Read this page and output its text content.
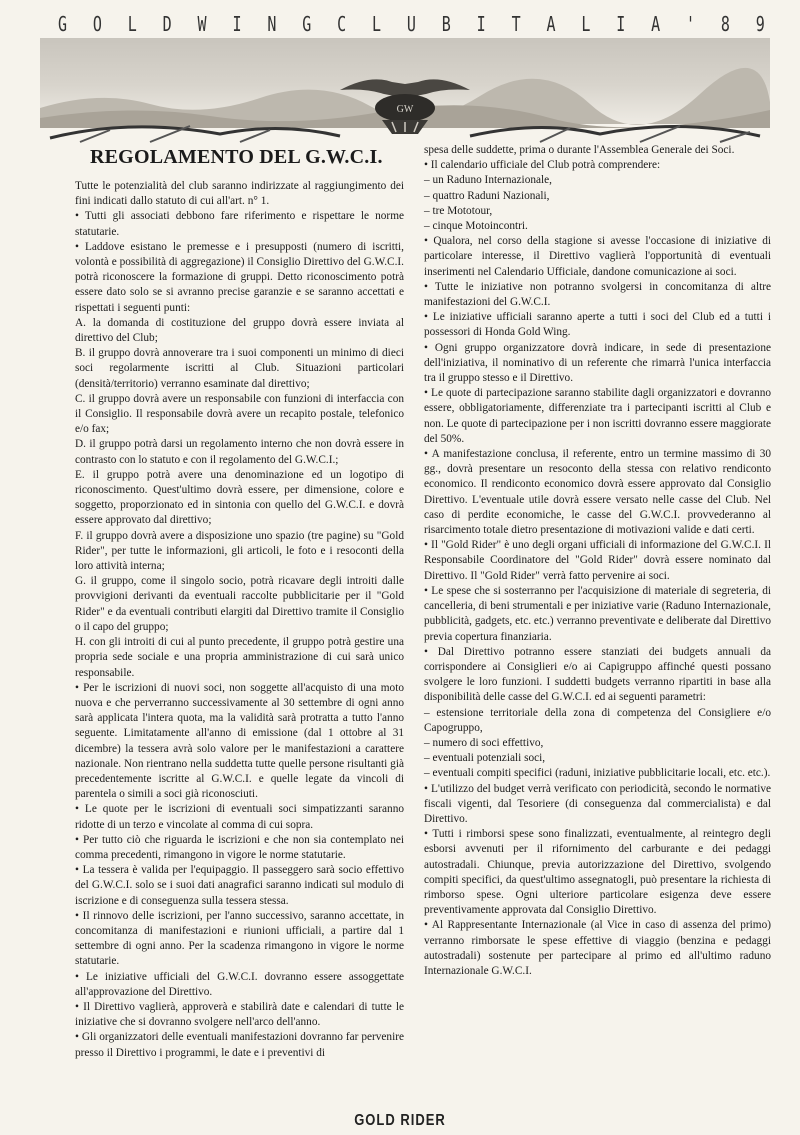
G O L D W I N G C L U B I T A L I A ' 8 9
GW
REGOLAMENTO DEL G.W.C.I.

Tutte le potenzialità del club saranno indirizzate al raggiungimento dei fini indicati dallo statuto di cui all'art. n° 1.

• Tutti gli associati debbono fare riferimento e rispettare le norme statutarie.

• Laddove esistano le premesse e i presupposti (numero di iscritti, volontà e possibilità di aggregazione) il Consiglio Direttivo del G.W.C.I. potrà riconoscere la formazione di gruppi. Detto riconoscimento potrà essere dato solo se si avranno precise garanzie e se saranno accettati e rispettati i seguenti punti:

A. la domanda di costituzione del gruppo dovrà essere inviata al direttivo del Club;

B. il gruppo dovrà annoverare tra i suoi componenti un minimo di dieci soci regolarmente iscritti al Club. Situazioni particolari (densità/territorio) verranno esaminate dal direttivo;

C. il gruppo dovrà avere un responsabile con funzioni di interfaccia con il Consiglio. Il responsabile dovrà avere un recapito postale, telefonico e/o fax;

D. il gruppo potrà darsi un regolamento interno che non dovrà essere in contrasto con lo statuto e con il regolamento del G.W.C.I.;

E. il gruppo potrà avere una denominazione ed un logotipo di riconoscimento. Quest'ultimo dovrà essere, per dimensione, colore e soggetto, proporzionato ed in sintonia con quello del G.W.C.I. e dovrà essere approvato dal direttivo;

F. il gruppo dovrà avere a disposizione uno spazio (tre pagine) su "Gold Rider", per tutte le informazioni, gli articoli, le foto e i resoconti della loro attività interna;

G. il gruppo, come il singolo socio, potrà ricavare degli introiti dalle provvigioni derivanti da eventuali raccolte pubblicitarie per il "Gold Rider" e da eventuali contributi elargiti dal Direttivo tramite il Consiglio o il capo del gruppo;

H. con gli introiti di cui al punto precedente, il gruppo potrà gestire una propria sede sociale e una propria amministrazione di cui sarà unico responsabile.

• Per le iscrizioni di nuovi soci, non soggette all'acquisto di una moto nuova e che perverranno successivamente al 30 settembre di ogni anno sarà applicata l'intera quota, ma la validità sarà protratta a tutto l'anno seguente. Limitatamente all'anno di emissione (dal 1 ottobre al 31 dicembre) la tessera avrà solo valore per le manifestazioni a carattere nazionale. Non rientrano nella suddetta tutte quelle persone risultanti già precedentemente iscritte al G.W.C.I. e quelle legate da vincoli di parentela o simili a soci già riconosciuti.

• Le quote per le iscrizioni di eventuali soci simpatizzanti saranno ridotte di un terzo e vincolate al comma di cui sopra.

• Per tutto ciò che riguarda le iscrizioni e che non sia contemplato nei comma precedenti, rimangono in vigore le norme statutarie.

• La tessera è valida per l'equipaggio. Il passeggero sarà socio effettivo del G.W.C.I. solo se i suoi dati anagrafici saranno indicati sul modulo di iscrizione e di conseguenza sulla tessera stessa.

• Il rinnovo delle iscrizioni, per l'anno successivo, saranno accettate, in concomitanza di manifestazioni e riunioni ufficiali, a partire dal 1 settembre di ogni anno. Per la scadenza rimangono in vigore le norme statutarie.

• Le iniziative ufficiali del G.W.C.I. dovranno essere assoggettate all'approvazione del Direttivo.

• Il Direttivo vaglierà, approverà e stabilirà date e calendari di tutte le iniziative che si dovranno svolgere nell'arco dell'anno.

• Gli organizzatori delle eventuali manifestazioni dovranno far pervenire presso il Direttivo i programmi, le date e i preventivi di

spesa delle suddette, prima o durante l'Assemblea Generale dei Soci.

• Il calendario ufficiale del Club potrà comprendere:

– un Raduno Internazionale,

– quattro Raduni Nazionali,

– tre Mototour,

– cinque Motoincontri.

• Qualora, nel corso della stagione si avesse l'occasione di iniziative di particolare interesse, il Direttivo vaglierà l'opportunità di eventuali inserimenti nel Calendario Ufficiale, dandone comunicazione ai soci.

• Tutte le iniziative non potranno svolgersi in concomitanza di altre manifestazioni del G.W.C.I.

• Le iniziative ufficiali saranno aperte a tutti i soci del Club ed a tutti i possessori di Honda Gold Wing.

• Ogni gruppo organizzatore dovrà indicare, in sede di presentazione dell'iniziativa, il nominativo di un referente che rimarrà l'unica interfaccia tra il gruppo stesso e il Direttivo.

• Le quote di partecipazione saranno stabilite dagli organizzatori e dovranno essere, obbligatoriamente, differenziate tra i partecipanti iscritti al Club e non. Le quote di partecipazione per i non iscritti dovranno essere maggiorate del 50%.

• A manifestazione conclusa, il referente, entro un termine massimo di 30 gg., dovrà presentare un resoconto della stessa con relativo rendiconto economico. Il rendiconto economico dovrà essere approvato dal Consiglio Direttivo. L'eventuale utile dovrà essere versato nelle casse del Club. Nel caso di perdite economiche, le casse del G.W.C.I. provvederanno al risarcimento totale dietro presentazione di motivazioni valide e dati certi.

• Il "Gold Rider" è uno degli organi ufficiali di informazione del G.W.C.I. Il Responsabile Coordinatore del "Gold Rider" dovrà essere nominato dal Direttivo. Il "Gold Rider" verrà fatto pervenire ai soci.

• Le spese che si sosterranno per l'acquisizione di materiale di segreteria, di cancelleria, di beni strumentali e per iniziative varie (Raduno Internazionale, pubblicità, gadgets, etc. etc.) verranno preventivate e deliberate dal Direttivo previa copertura finanziaria.

• Dal Direttivo potranno essere stanziati dei budgets annuali da corrispondere ai Consiglieri e/o ai Capigruppo affinché questi possano svolgere le loro funzioni. I suddetti budgets verranno ripartiti in base alla disponibilità delle casse del G.W.C.I. ed ai seguenti parametri:

– estensione territoriale della zona di competenza del Consigliere e/o Capogruppo,

– numero di soci effettivo,

– eventuali potenziali soci,

– eventuali compiti specifici (raduni, iniziative pubblicitarie locali, etc. etc.).

• L'utilizzo del budget verrà verificato con periodicità, secondo le normative fiscali vigenti, dal Tesoriere (di conseguenza dal commercialista) e dal Direttivo.

• Tutti i rimborsi spese sono finalizzati, eventualmente, al reintegro degli esborsi avvenuti per il rifornimento del carburante e dei pedaggi autostradali. Chiunque, previa autorizzazione del Direttivo, svolgendo compiti specifici, da quest'ultimo assegnatogli, può presentare la richiesta di rimborso spese. Ogni ulteriore particolare esigenza deve essere preventivamente approvata dal Consiglio Direttivo.

• Al Rappresentante Internazionale (al Vice in caso di assenza del primo) verranno rimborsate le spese effettive di viaggio (benzina e pedaggi autostradali) sostenute per partecipare al primo ed all'ultimo raduno Internazionale G.W.C.I.

GOLD RIDER
